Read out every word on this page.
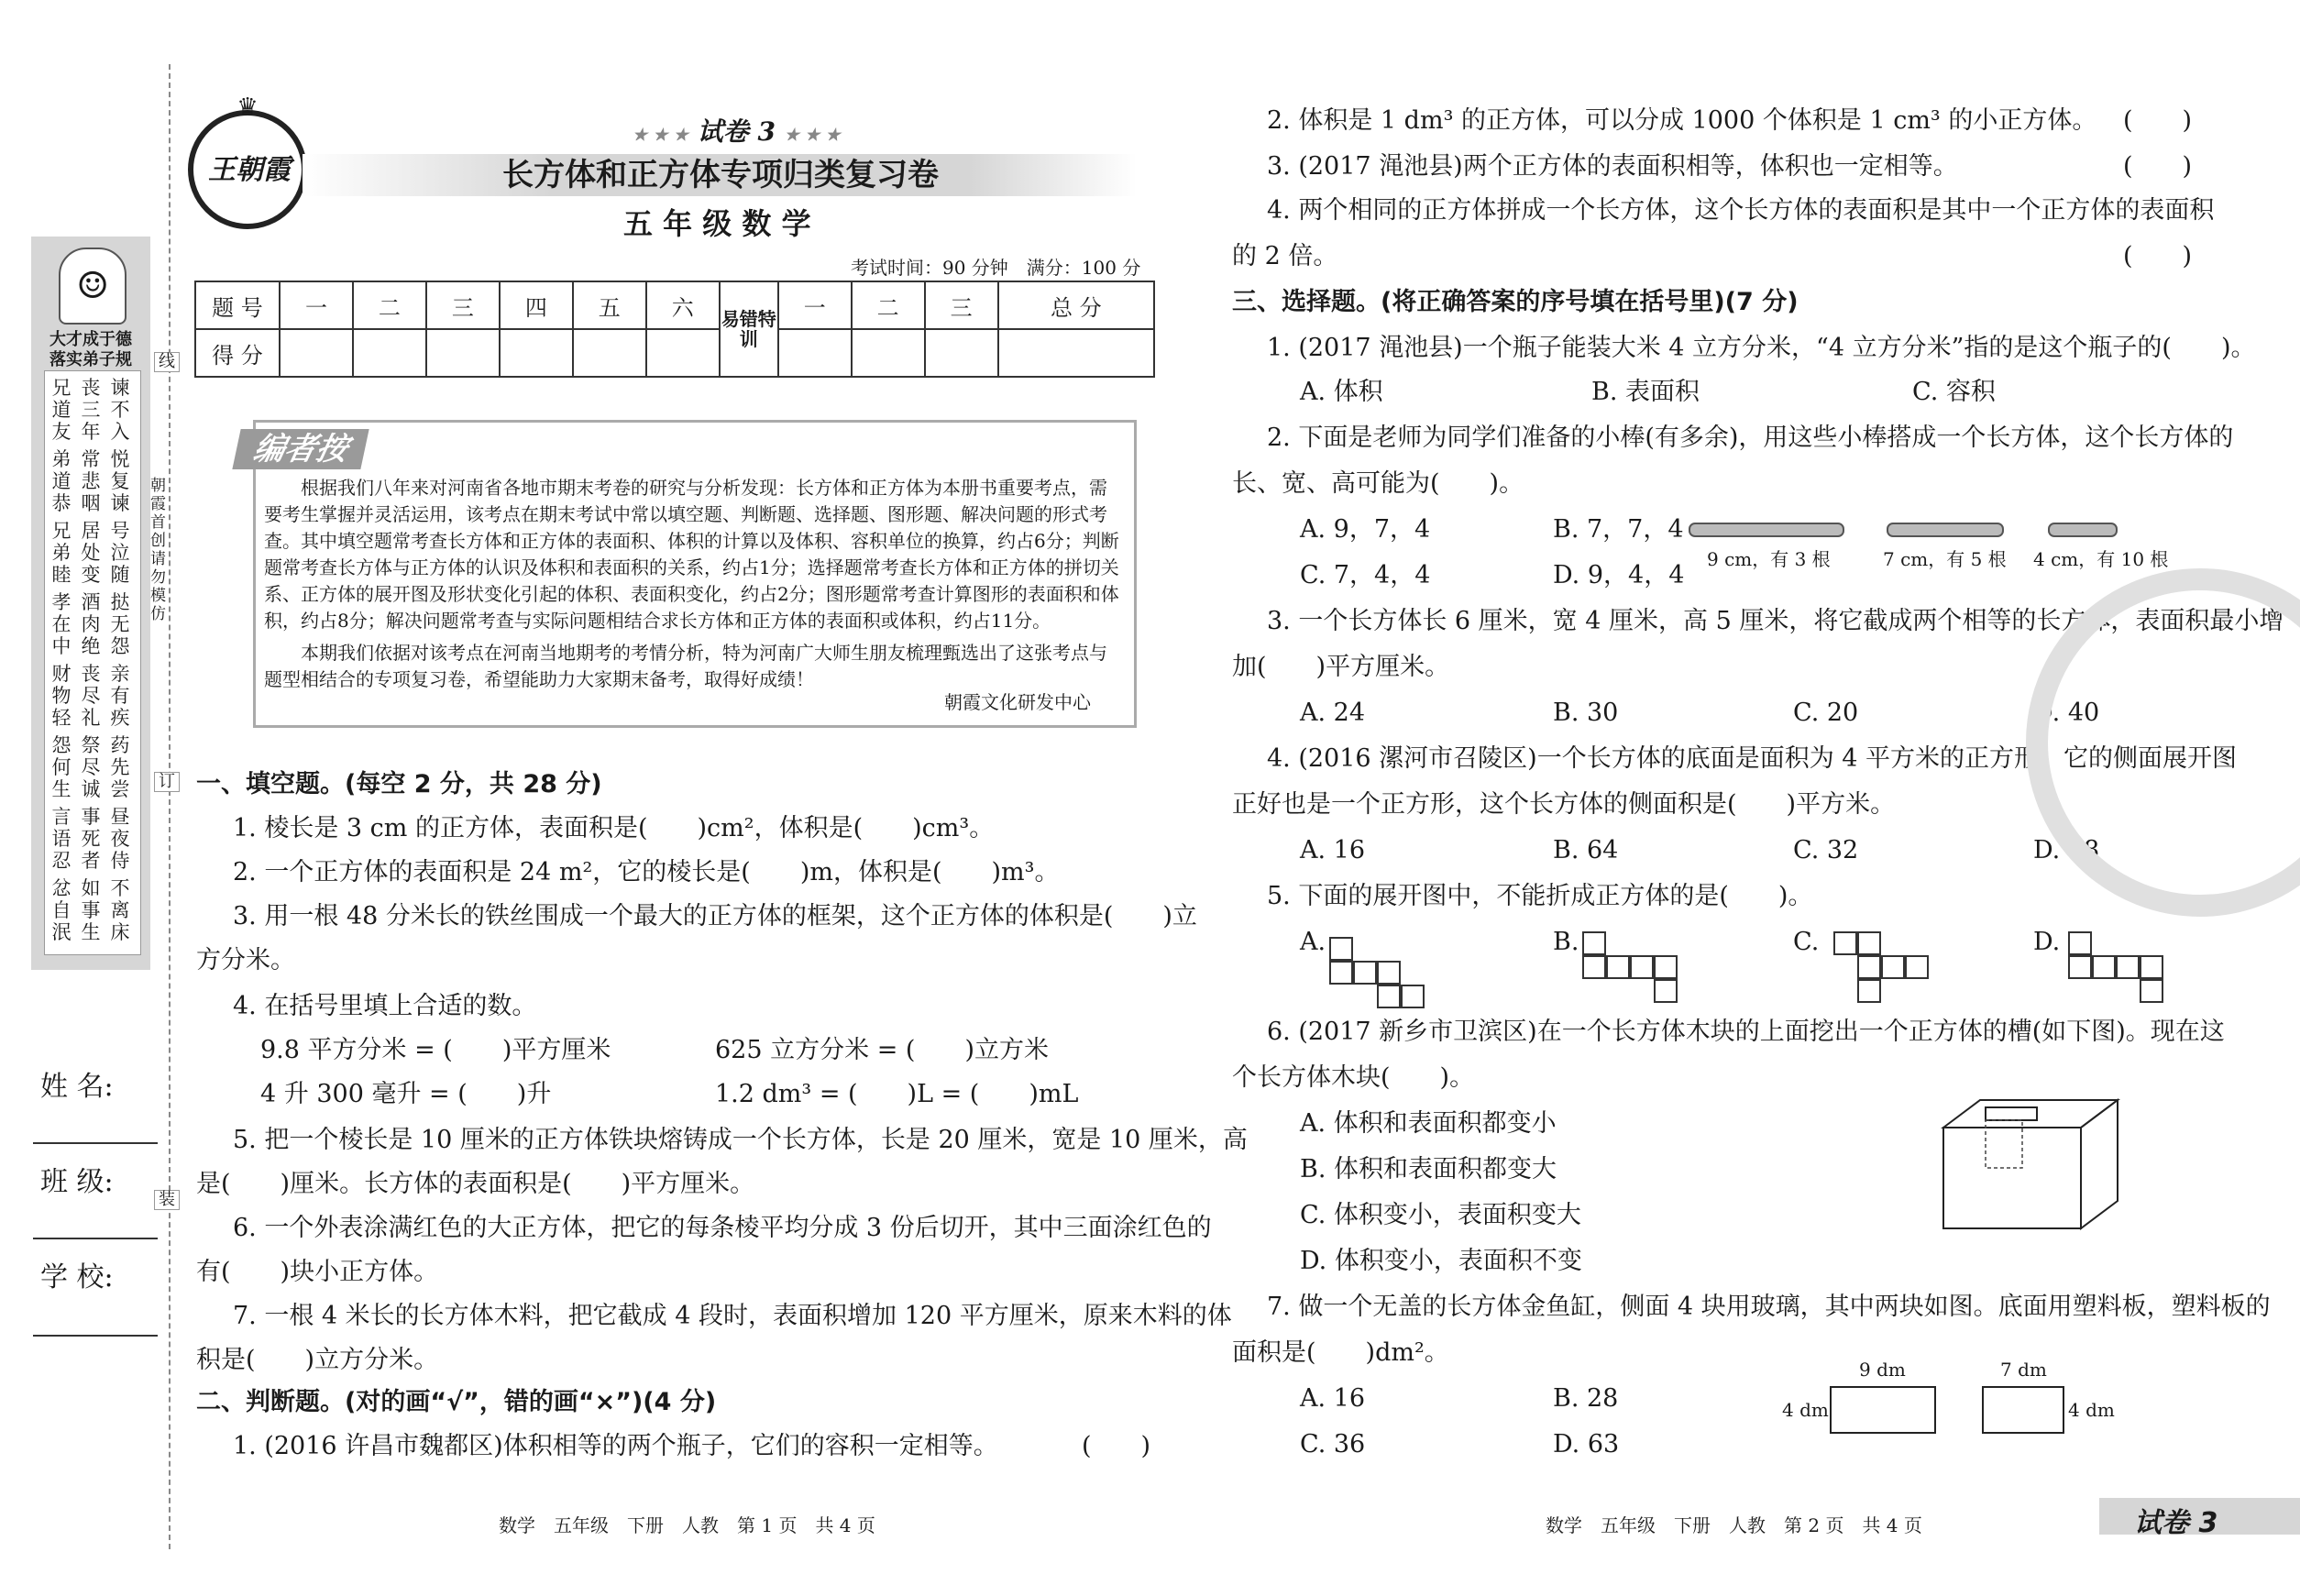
♛
王朝霞
★ ★ ★ 试卷 3 ★ ★ ★
长方体和正方体专项归类复习卷
五 年 级 数 学
考试时间：90 分钟　满分：100 分
题 号	一	二	三	四	五	六	易错特训	一	二	三	总 分
得 分											
☺
大才成于德
落实弟子规
兄道友
丧三年
谏不入
弟道恭
常悲咽
悦复谏
兄弟睦
居处变
号泣随
孝在中
酒肉绝
挞无怨
财物轻
丧尽礼
亲有疾
怨何生
祭尽诚
药先尝
言语忍
事死者
昼夜侍
忿自泯
如事生
不离床
姓 名:
班 级:
学 校:
线
订
装
朝霞首创　请勿模仿
编者按
根据我们八年来对河南省各地市期末考卷的研究与分析发现：长方体和正方体为本册书重要考点，需要考生掌握并灵活运用，该考点在期末考试中常以填空题、判断题、选择题、图形题、解决问题的形式考查。其中填空题常考查长方体和正方体的表面积、体积的计算以及体积、容积单位的换算，约占6分；判断题常考查长方体与正方体的认识及体积和表面积的关系，约占1分；选择题常考查长方体和正方体的拼切关系、正方体的展开图及形状变化引起的体积、表面积变化，约占2分；图形题常考查计算图形的表面积和体积，约占8分；解决问题常考查与实际问题相结合求长方体和正方体的表面积或体积，约占11分。
本期我们依据对该考点在河南当地期考的考情分析，特为河南广大师生朋友梳理甄选出了这张考点与题型相结合的专项复习卷，希望能助力大家期末备考，取得好成绩！
朝霞文化研发中心
一、填空题。(每空 2 分，共 28 分)
1. 棱长是 3 cm 的正方体，表面积是(　　)cm²，体积是(　　)cm³。
2. 一个正方体的表面积是 24 m²，它的棱长是(　　)m，体积是(　　)m³。
3. 用一根 48 分米长的铁丝围成一个最大的正方体的框架，这个正方体的体积是(　　)立
方分米。
4. 在括号里填上合适的数。
9.8 平方分米 = (　　)平方厘米	625 立方分米 = (　　)立方米
4 升 300 毫升 = (　　)升	1.2 dm³ = (　　)L = (　　)mL
5. 把一个棱长是 10 厘米的正方体铁块熔铸成一个长方体，长是 20 厘米，宽是 10 厘米，高
是(　　)厘米。长方体的表面积是(　　)平方厘米。
6. 一个外表涂满红色的大正方体，把它的每条棱平均分成 3 份后切开，其中三面涂红色的
有(　　)块小正方体。
7. 一根 4 米长的长方体木料，把它截成 4 段时，表面积增加 120 平方厘米，原来木料的体
积是(　　)立方分米。
二、判断题。(对的画“√”，错的画“×”)(4 分)
1. (2016 许昌市魏都区)体积相等的两个瓶子，它们的容积一定相等。	(　　)
数学　五年级　下册　人教　第 1 页　共 4 页
2. 体积是 1 dm³ 的正方体，可以分成 1000 个体积是 1 cm³ 的小正方体。 (　　)
3. (2017 渑池县)两个正方体的表面积相等，体积也一定相等。	(　　)
4. 两个相同的正方体拼成一个长方体，这个长方体的表面积是其中一个正方体的表面积
的 2 倍。	(　　)
三、选择题。(将正确答案的序号填在括号里)(7 分)
1. (2017 渑池县)一个瓶子能装大米 4 立方分米，“4 立方分米”指的是这个瓶子的(　　)。
A. 体积	B. 表面积	C. 容积
2. 下面是老师为同学们准备的小棒(有多余)，用这些小棒搭成一个长方体，这个长方体的
长、宽、高可能为(　　)。
A. 9，7，4	B. 7，7，4
C. 7，4，4	D. 9，4，4
9 cm，有 3 根	7 cm，有 5 根 4 cm，有 10 根
3. 一个长方体长 6 厘米，宽 4 厘米，高 5 厘米，将它截成两个相等的长方体，表面积最小增
加(　　)平方厘米。
A. 24	B. 30	C. 20	D. 40
4. (2016 漯河市召陵区)一个长方体的底面是面积为 4 平方米的正方形，它的侧面展开图
正好也是一个正方形，这个长方体的侧面积是(　　)平方米。
A. 16	B. 64	C. 32	D. 48
5. 下面的展开图中，不能折成正方体的是(　　)。
A.	B.	C.	D.
6. (2017 新乡市卫滨区)在一个长方体木块的上面挖出一个正方体的槽(如下图)。现在这
个长方体木块(　　)。
A. 体积和表面积都变小
B. 体积和表面积都变大
C. 体积变小，表面积变大
D. 体积变小，表面积不变
7. 做一个无盖的长方体金鱼缸，侧面 4 块用玻璃，其中两块如图。底面用塑料板，塑料板的
面积是(　　)dm²。
A. 16	B. 28
C. 36	D. 63
9 dm
4 dm
7 dm
4 dm
数学　五年级　下册　人教　第 2 页　共 4 页	试卷 3
